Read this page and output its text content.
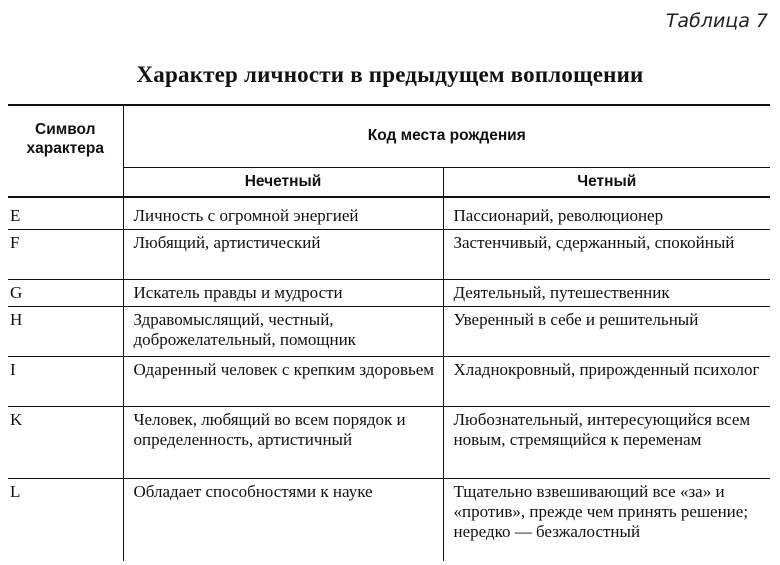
Таблица 7
Характер личности в предыдущем воплощении
Символ характера	Код места рождения	
	Нечетный	Четный
E	Личность с огромной энергией	Пассионарий, революционер
F	Любящий, артистический	Застенчивый, сдержанный, спокойный
G	Искатель правды и мудрости	Деятельный, путешественник
H	Здравомыслящий, честный, доброжелательный, помощник	Уверенный в себе и решительный
I	Одаренный человек с крепким здоровьем	Хладнокровный, прирожденный психолог
K	Человек, любящий во всем порядок и определенность, артистичный	Любознательный, интересующийся всем новым, стремящийся к переменам
L	Обладает способностями к науке	Тщательно взвешивающий все «за» и «против», прежде чем принять решение; нередко — безжалостный
